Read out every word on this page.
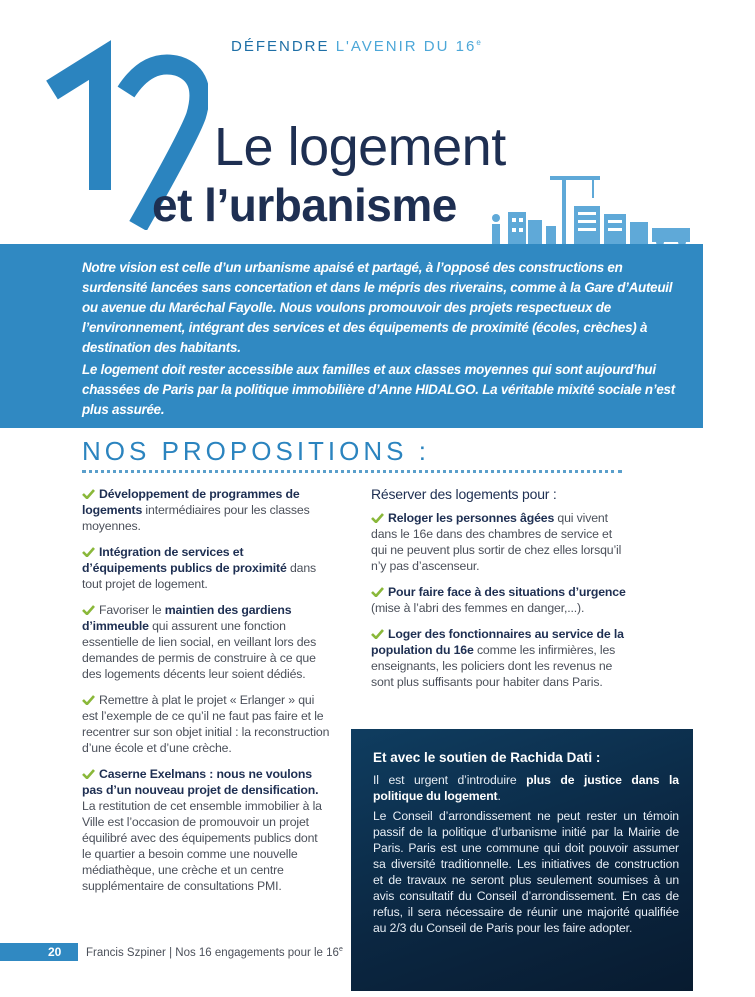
12
DÉFENDRE L'AVENIR DU 16e
Le logement
et l’urbanisme

Notre vision est celle d’un urbanisme apaisé et partagé, à l’opposé des constructions en surdensité lancées sans concertation et dans le mépris des riverains, comme à la Gare d’Auteuil ou avenue du Maréchal Fayolle. Nous voulons promouvoir des projets respectueux de l’environnement, intégrant des services et des équipements de proximité (écoles, crèches) à destination des habitants.

Le logement doit rester accessible aux familles et aux classes moyennes qui sont aujourd’hui chassées de Paris par la politique immobilière d’Anne HIDALGO. La véritable mixité sociale n’est plus assurée.

NOS PROPOSITIONS :

Développement de programmes de logements intermédiaires pour les classes moyennes.

Intégration de services et d’équipements publics de proximité dans tout projet de logement.

Favoriser le maintien des gardiens d’immeuble qui assurent une fonction essentielle de lien social, en veillant lors des demandes de permis de construire à ce que des logements décents leur soient dédiés.

Remettre à plat le projet « Erlanger » qui est l’exemple de ce qu’il ne faut pas faire et le recentrer sur son objet initial : la reconstruction d’une école et d’une crèche.

Caserne Exelmans : nous ne voulons pas d’un nouveau projet de densification. La restitution de cet ensemble immobilier à la Ville est l’occasion de promouvoir un projet équilibré avec des équipements publics dont le quartier a besoin comme une nouvelle médiathèque, une crèche et un centre supplémentaire de consultations PMI.

Réserver des logements pour :

Reloger les personnes âgées qui vivent dans le 16e dans des chambres de service et qui ne peuvent plus sortir de chez elles lorsqu’il n’y pas d’ascenseur.

Pour faire face à des situations d’urgence (mise à l’abri des femmes en danger,...).

Loger des fonctionnaires au service de la population du 16e comme les infirmières, les enseignants, les policiers dont les revenus ne sont plus suffisants pour habiter dans Paris.

Et avec le soutien de Rachida Dati :

Il est urgent d’introduire plus de justice dans la politique du logement.

Le Conseil d’arrondissement ne peut rester un témoin passif de la politique d’urbanisme initié par la Mairie de Paris. Paris est une commune qui doit pouvoir assumer sa diversité traditionnelle. Les initiatives de construction et de travaux ne seront plus seulement soumises à un avis consultatif du Conseil d’arrondissement. En cas de refus, il sera nécessaire de réunir une majorité qualifiée au 2/3 du Conseil de Paris pour les faire adopter.

20 Francis Szpiner | Nos 16 engagements pour le 16e
